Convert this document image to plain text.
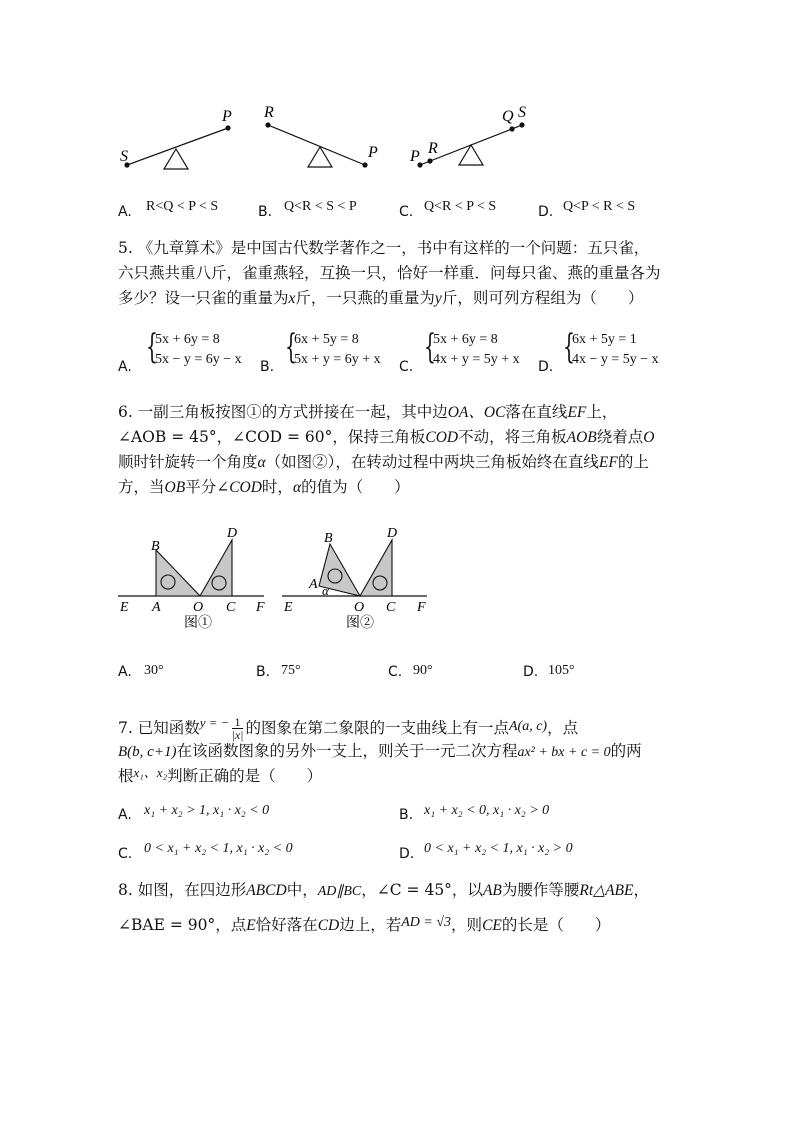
S
P R
P P R
Q S
A. R<Q < P < S	B. Q<R < S < P	C. Q<R < P < S	D. Q<P < R < S
5. 《九章算术》是中国古代数学著作之一，书中有这样的一个问题：五只雀，
六只燕共重八斤，雀重燕轻，互换一只，恰好一样重．问每只雀、燕的重量各为
多少？设一只雀的重量为x斤，一只燕的重量为y斤，则可列方程组为（　　）
A. {
5x + 6y = 8
5x − y = 6y − x B. {
6x + 5y = 8
5x + y = 6y + x C. {
5x + 6y = 8
4x + y = 5y + x D. {
6x + 5y = 1
4x − y = 5y − x
6. 一副三角板按图①的方式拼接在一起，其中边OA、OC落在直线EF上，
∠AOB = 45°，∠COD = 60°，保持三角板COD不动，将三角板AOB绕着点O
顺时针旋转一个角度α（如图②），在转动过程中两块三角板始终在直线EF的上
方，当OB平分∠COD时，α的值为（　　）
B
D
E A O C F
图①
B	D
E
A α
O C F
图②
A. 30°	B. 75°	C. 90°	D. 105°
7. 已知函数$^{y = -} \frac{1}{|x|}$ 的图象在第二象限的一支曲线上有一点A(a, c)，点
B(b, c+1)在该函数图象的另外一支上，则关于一元二次方程ax² + bx + c = 0的两
根$^{x_1、x_2}$判断正确的是（　　）
A. x₁ + x₂ > 1, x₁ · x₂ < 0	B. x₁ + x₂ < 0, x₁ · x₂ > 0
C. 0 < x₁ + x₂ < 1, x₁ · x₂ < 0	D. 0 < x₁ + x₂ < 1, x₁ · x₂ > 0
8. 如图，在四边形ABCD中，AD∥BC，∠C = 45°，以AB为腰作等腰Rt△ABE，
∠BAE = 90°，点E恰好落在CD边上，若AD = √3，则CE的长是（　　）
